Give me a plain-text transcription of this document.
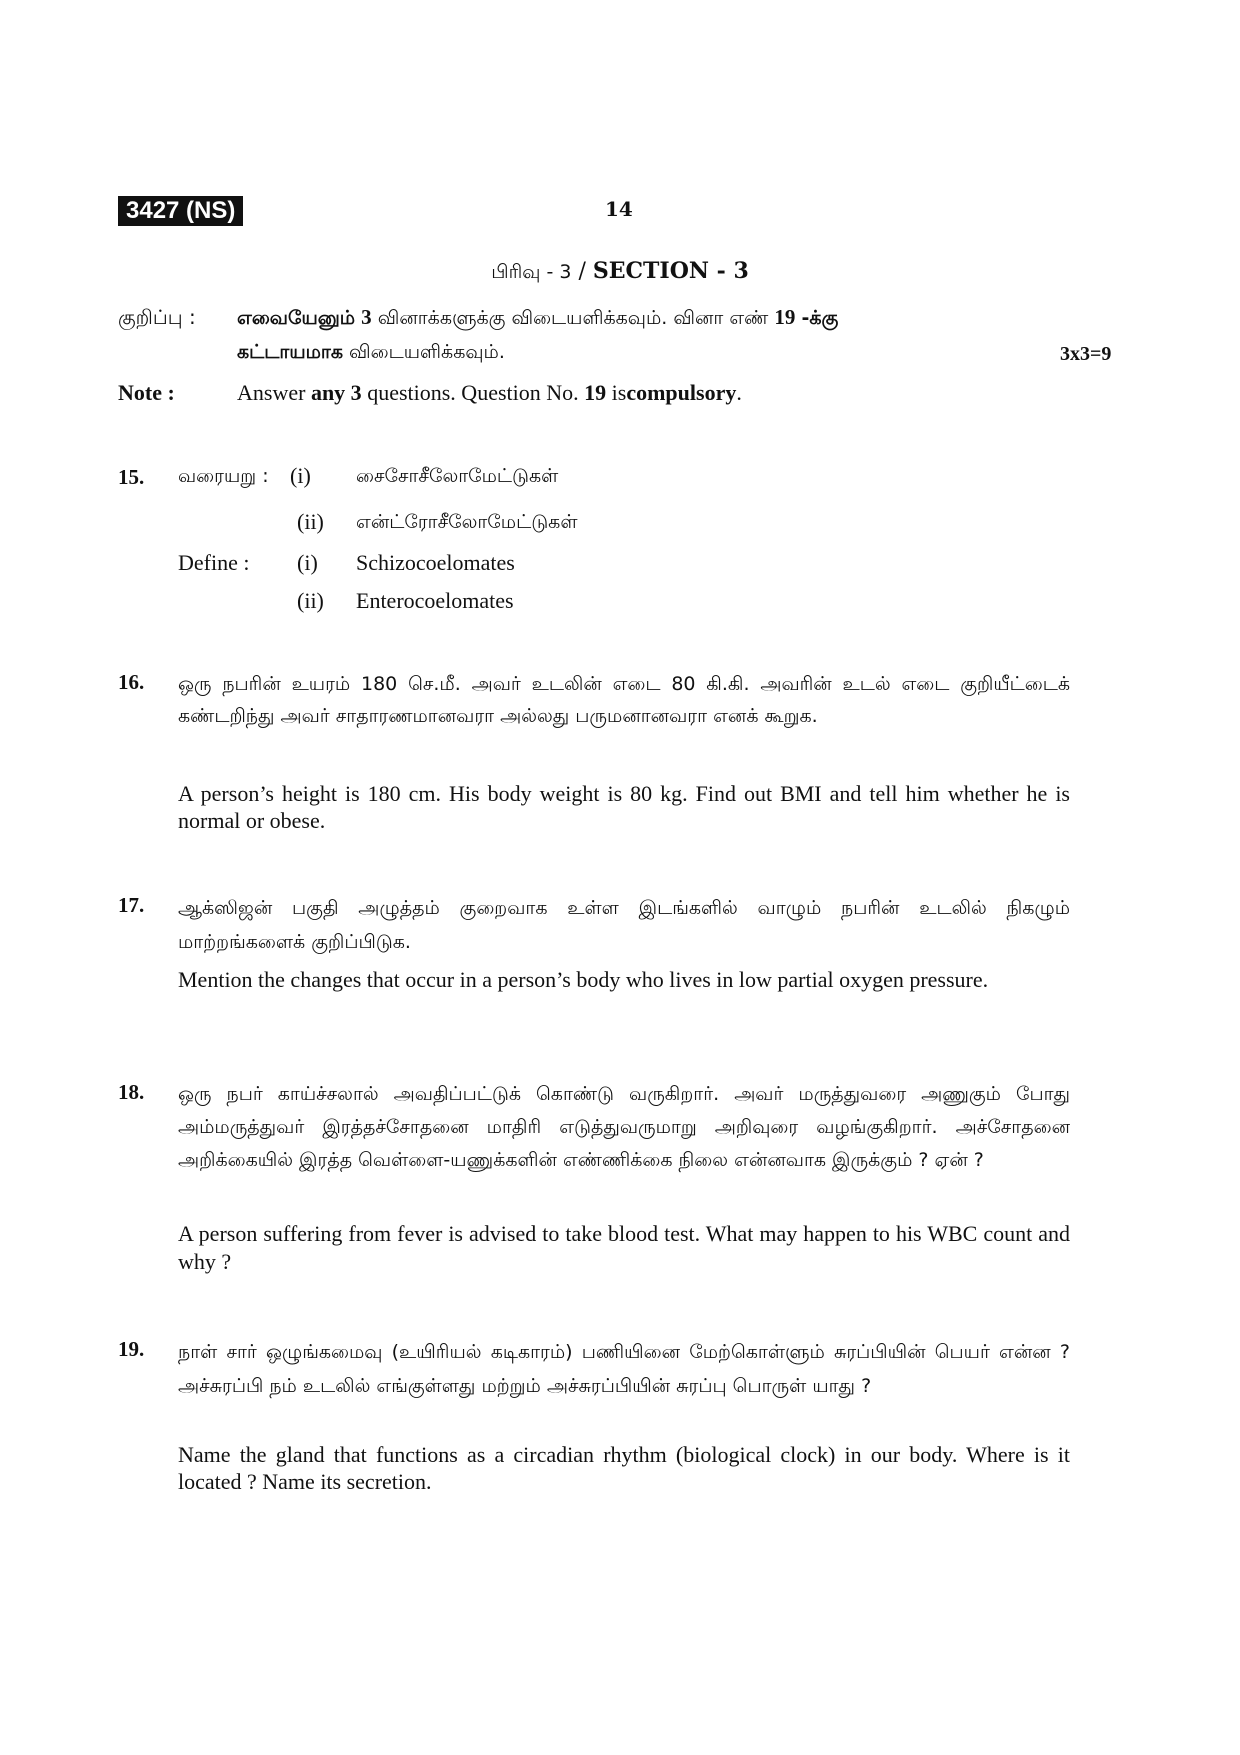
3427 (NS)	14
பிரிவு - 3 / SECTION - 3
குறிப்பு : எவையேனும் 3 வினாக்களுக்கு விடையளிக்கவும். வினா எண் 19 -க்கு
கட்டாயமாக விடையளிக்கவும்.	3x3=9
Note :	Answer any 3 questions. Question No. 19 iscompulsory.
15. வரையறு : (i) சைசோசீலோமேட்டுகள்
(ii) என்ட்ரோசீலோமேட்டுகள்
Define : (i) Schizocoelomates
(ii) Enterocoelomates
16. ஒரு நபரின் உயரம் 180 செ.மீ. அவர் உடலின் எடை 80 கி.கி. அவரின் உடல் எடை குறியீட்டைக் கண்டறிந்து அவர் சாதாரணமானவரா அல்லது பருமனானவரா எனக் கூறுக.
A person’s height is 180 cm. His body weight is 80 kg. Find out BMI and tell him whether he is normal or obese.
17. ஆக்ஸிஜன் பகுதி அழுத்தம் குறைவாக உள்ள இடங்களில் வாழும் நபரின் உடலில் நிகழும் மாற்றங்களைக் குறிப்பிடுக.
Mention the changes that occur in a person’s body who lives in low partial oxygen pressure.
18. ஒரு நபர் காய்ச்சலால் அவதிப்பட்டுக் கொண்டு வருகிறார். அவர் மருத்துவரை அணுகும் போது அம்மருத்துவர் இரத்தச்சோதனை மாதிரி எடுத்துவருமாறு அறிவுரை வழங்குகிறார். அச்சோதனை அறிக்கையில் இரத்த வெள்ளை-யணுக்களின் எண்ணிக்கை நிலை என்னவாக இருக்கும் ? ஏன் ?
A person suffering from fever is advised to take blood test. What may happen to his WBC count and why ?
19. நாள் சார் ஒழுங்கமைவு (உயிரியல் கடிகாரம்) பணியினை மேற்கொள்ளும் சுரப்பியின் பெயர் என்ன ? அச்சுரப்பி நம் உடலில் எங்குள்ளது மற்றும் அச்சுரப்பியின் சுரப்பு பொருள் யாது ?
Name the gland that functions as a circadian rhythm (biological clock) in our body. Where is it located ? Name its secretion.
